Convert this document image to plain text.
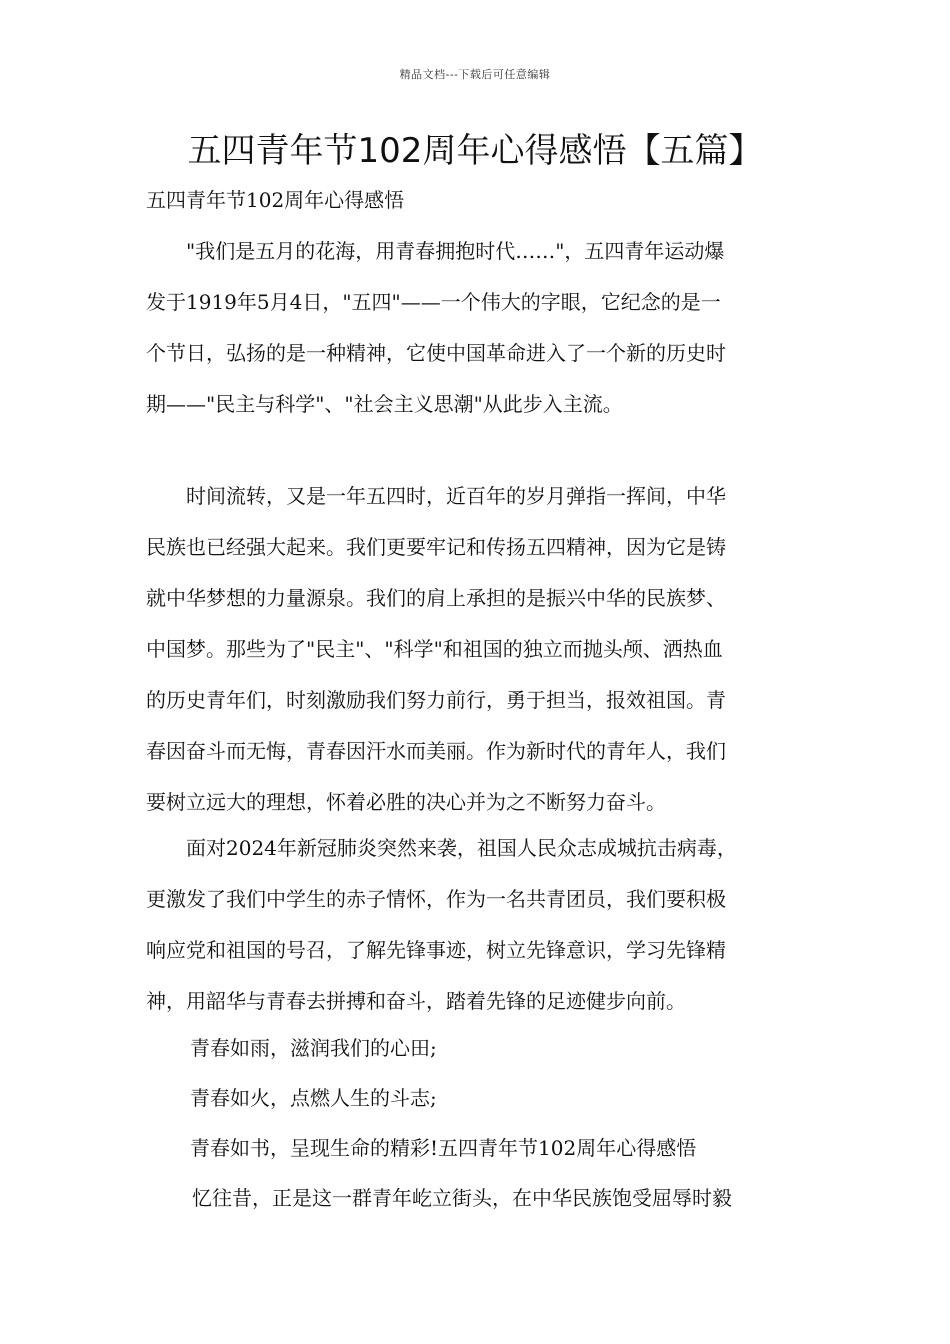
精品文档---下载后可任意编辑
五四青年节102周年心得感悟【五篇】

五四青年节102周年心得感悟

　　"我们是五月的花海，用青春拥抱时代……"，五四青年运动爆
发于1919年5月4日，"五四"——一个伟大的字眼，它纪念的是一
个节日，弘扬的是一种精神，它使中国革命进入了一个新的历史时
期——"民主与科学"、"社会主义思潮"从此步入主流。

　　时间流转，又是一年五四时，近百年的岁月弹指一挥间，中华
民族也已经强大起来。我们更要牢记和传扬五四精神，因为它是铸
就中华梦想的力量源泉。我们的肩上承担的是振兴中华的民族梦、
中国梦。那些为了"民主"、"科学"和祖国的独立而抛头颅、洒热血
的历史青年们，时刻激励我们努力前行，勇于担当，报效祖国。青
春因奋斗而无悔，青春因汗水而美丽。作为新时代的青年人，我们
要树立远大的理想，怀着必胜的决心并为之不断努力奋斗。

　　面对2024年新冠肺炎突然来袭，祖国人民众志成城抗击病毒，
更激发了我们中学生的赤子情怀，作为一名共青团员，我们要积极
响应党和祖国的号召，了解先锋事迹，树立先锋意识，学习先锋精
神，用韶华与青春去拼搏和奋斗，踏着先锋的足迹健步向前。

青春如雨，滋润我们的心田;

青春如火，点燃人生的斗志;

青春如书，呈现生命的精彩!五四青年节102周年心得感悟

忆往昔，正是这一群青年屹立街头，在中华民族饱受屈辱时毅
